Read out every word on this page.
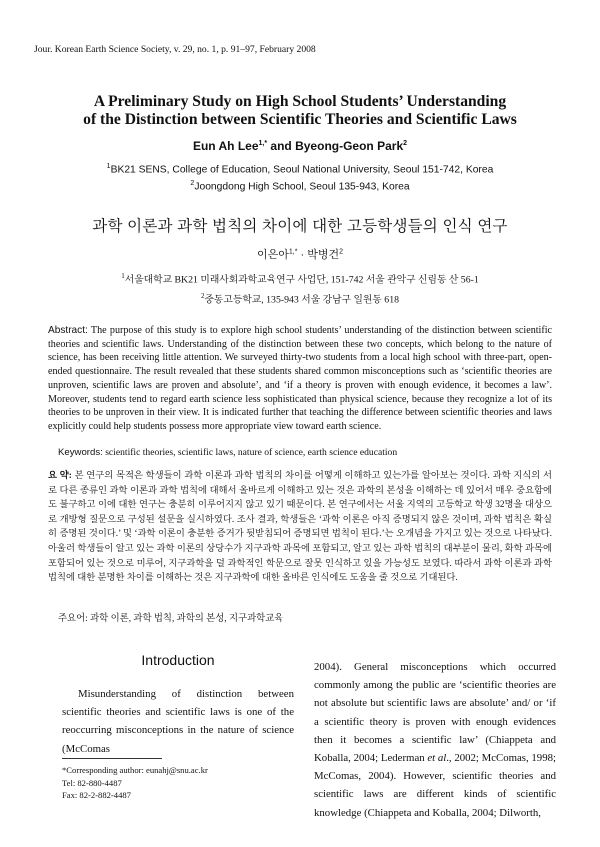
Jour. Korean Earth Science Society, v. 29, no. 1, p. 91–97, February 2008
A Preliminary Study on High School Students’ Understanding
of the Distinction between Scientific Theories and Scientific Laws
Eun Ah Lee$^{1,*}$ and Byeong-Geon Park$^2$
$^1$BK21 SENS, College of Education, Seoul National University, Seoul 151-742, Korea
$^2$Joongdong High School, Seoul 135-943, Korea
과학 이론과 과학 법칙의 차이에 대한 고등학생들의 인식 연구
이은아$^{1,*}$ · 박병건$^2$
$^1$서울대학교 BK21 미래사회과학교육연구 사업단, 151-742 서울 관악구 신림동 산 56-1
$^2$중동고등학교, 135-943 서울 강남구 일원동 618
Abstract: The purpose of this study is to explore high school students’ understanding of the distinction between scientific theories and scientific laws. Understanding of the distinction between these two concepts, which belong to the nature of science, has been receiving little attention. We surveyed thirty-two students from a local high school with three-part, open-ended questionnaire. The result revealed that these students shared common misconceptions such as ‘scientific theories are unproven, scientific laws are proven and absolute’, and ‘if a theory is proven with enough evidence, it becomes a law’. Moreover, students tend to regard earth science less sophisticated than physical science, because they recognize a lot of its theories to be unproven in their view. It is indicated further that teaching the difference between scientific theories and laws explicitly could help students possess more appropriate view toward earth science.
Keywords: scientific theories, scientific laws, nature of science, earth science education
요 약: 본 연구의 목적은 학생들이 과학 이론과 과학 법칙의 차이를 어떻게 이해하고 있는가를 알아보는 것이다. 과학 지식의 서로 다른 종류인 과학 이론과 과학 법칙에 대해서 올바르게 이해하고 있는 것은 과학의 본성을 이해하는 데 있어서 매우 중요함에도 불구하고 이에 대한 연구는 충분히 이루어지지 않고 있기 때문이다. 본 연구에서는 서울 지역의 고등학교 학생 32명을 대상으로 개방형 질문으로 구성된 설문을 실시하였다. 조사 결과, 학생들은 ‘과학 이론은 아직 증명되지 않은 것이며, 과학 법칙은 확실히 증명된 것이다.’ 및 ‘과학 이론이 충분한 증거가 뒷받침되어 증명되면 법칙이 된다.’는 오개념을 가지고 있는 것으로 나타났다. 아울러 학생들이 알고 있는 과학 이론의 상당수가 지구과학 과목에 포함되고, 알고 있는 과학 법칙의 대부분이 물리, 화학 과목에 포함되어 있는 것으로 미루어, 지구과학을 덜 과학적인 학문으로 잘못 인식하고 있을 가능성도 보였다. 따라서 과학 이론과 과학 법칙에 대한 분명한 차이를 이해하는 것은 지구과학에 대한 올바른 인식에도 도움을 줄 것으로 기대된다.
주요어: 과학 이론, 과학 법칙, 과학의 본성, 지구과학교육
Introduction
Misunderstanding of distinction between scientific theories and scientific laws is one of the reoccurring misconceptions in the nature of science (McComas
*Corresponding author: eunahj@snu.ac.kr
Tel: 82-880-4487
Fax: 82-2-882-4487
2004). General misconceptions which occurred commonly among the public are ‘scientific theories are not absolute but scientific laws are absolute’ and/ or ‘if a scientific theory is proven with enough evidences then it becomes a scientific law’ (Chiappeta and Koballa, 2004; Lederman et al., 2002; McComas, 1998; McComas, 2004). However, scientific theories and scientific laws are different kinds of scientific knowledge (Chiappeta and Koballa, 2004; Dilworth,
